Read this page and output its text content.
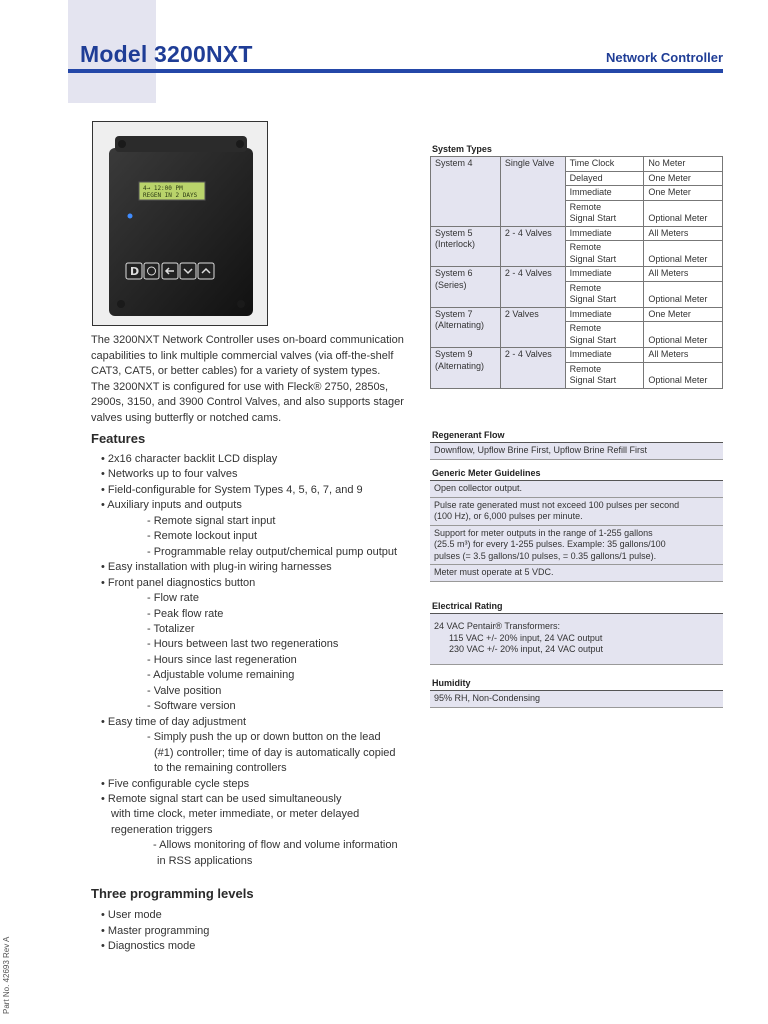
Model 3200NXT	Network Controller
4→ 12:00 PM
REGEN IN 2 DAYS
D

The 3200NXT Network Controller uses on-board communication capabilities to link multiple commercial valves (via off-the-shelf CAT3, CAT5, or better cables) for a variety of system types.

The 3200NXT is configured for use with Fleck® 2750, 2850s, 2900s, 3150, and 3900 Control Valves, and also supports stager valves using butterfly or notched cams.

Features
• 2x16 character backlit LCD display
• Networks up to four valves
• Field-configurable for System Types 4, 5, 6, 7, and 9
• Auxiliary inputs and outputs
- Remote signal start input
- Remote lockout input
- Programmable relay output/chemical pump output
• Easy installation with plug-in wiring harnesses
• Front panel diagnostics button
- Flow rate
- Peak flow rate
- Totalizer
- Hours between last two regenerations
- Hours since last regeneration
- Adjustable volume remaining
- Valve position
- Software version
• Easy time of day adjustment
- Simply push the up or down button on the lead
(#1) controller; time of day is automatically copied
to the remaining controllers
• Five configurable cycle steps
• Remote signal start can be used simultaneously
with time clock, meter immediate, or meter delayed
regeneration triggers
- Allows monitoring of flow and volume information
in RSS applications
Three programming levels
• User mode
• Master programming
• Diagnostics mode
Part No. 42693 Rev A
System Types
System 4	Single Valve	Time Clock	No Meter
		Delayed	One Meter
		Immediate	One Meter
		Remote
Signal Start	Optional Meter
System 5
(Interlock)	2 - 4 Valves	Immediate	All Meters
		Remote
Signal Start	Optional Meter
System 6
(Series)	2 - 4 Valves	Immediate	All Meters
		Remote
Signal Start	Optional Meter
System 7
(Alternating)	2 Valves	Immediate	One Meter
		Remote
Signal Start	Optional Meter
System 9
(Alternating)	2 - 4 Valves	Immediate	All Meters
		Remote
Signal Start	Optional Meter
Regenerant Flow

Downflow, Upflow Brine First, Upflow Brine Refill First

Generic Meter Guidelines

Open collector output.

Pulse rate generated must not exceed 100 pulses per second
(100 Hz), or 6,000 pulses per minute.

Support for meter outputs in the range of 1-255 gallons
(25.5 m³) for every 1-255 pulses. Example: 35 gallons/100
pulses (= 3.5 gallons/10 pulses, = 0.35 gallons/1 pulse).

Meter must operate at 5 VDC.

Electrical Rating

24 VAC Pentair® Transformers:

115 VAC +/- 20% input, 24 VAC output
230 VAC +/- 20% input, 24 VAC output

Humidity

95% RH, Non-Condensing
